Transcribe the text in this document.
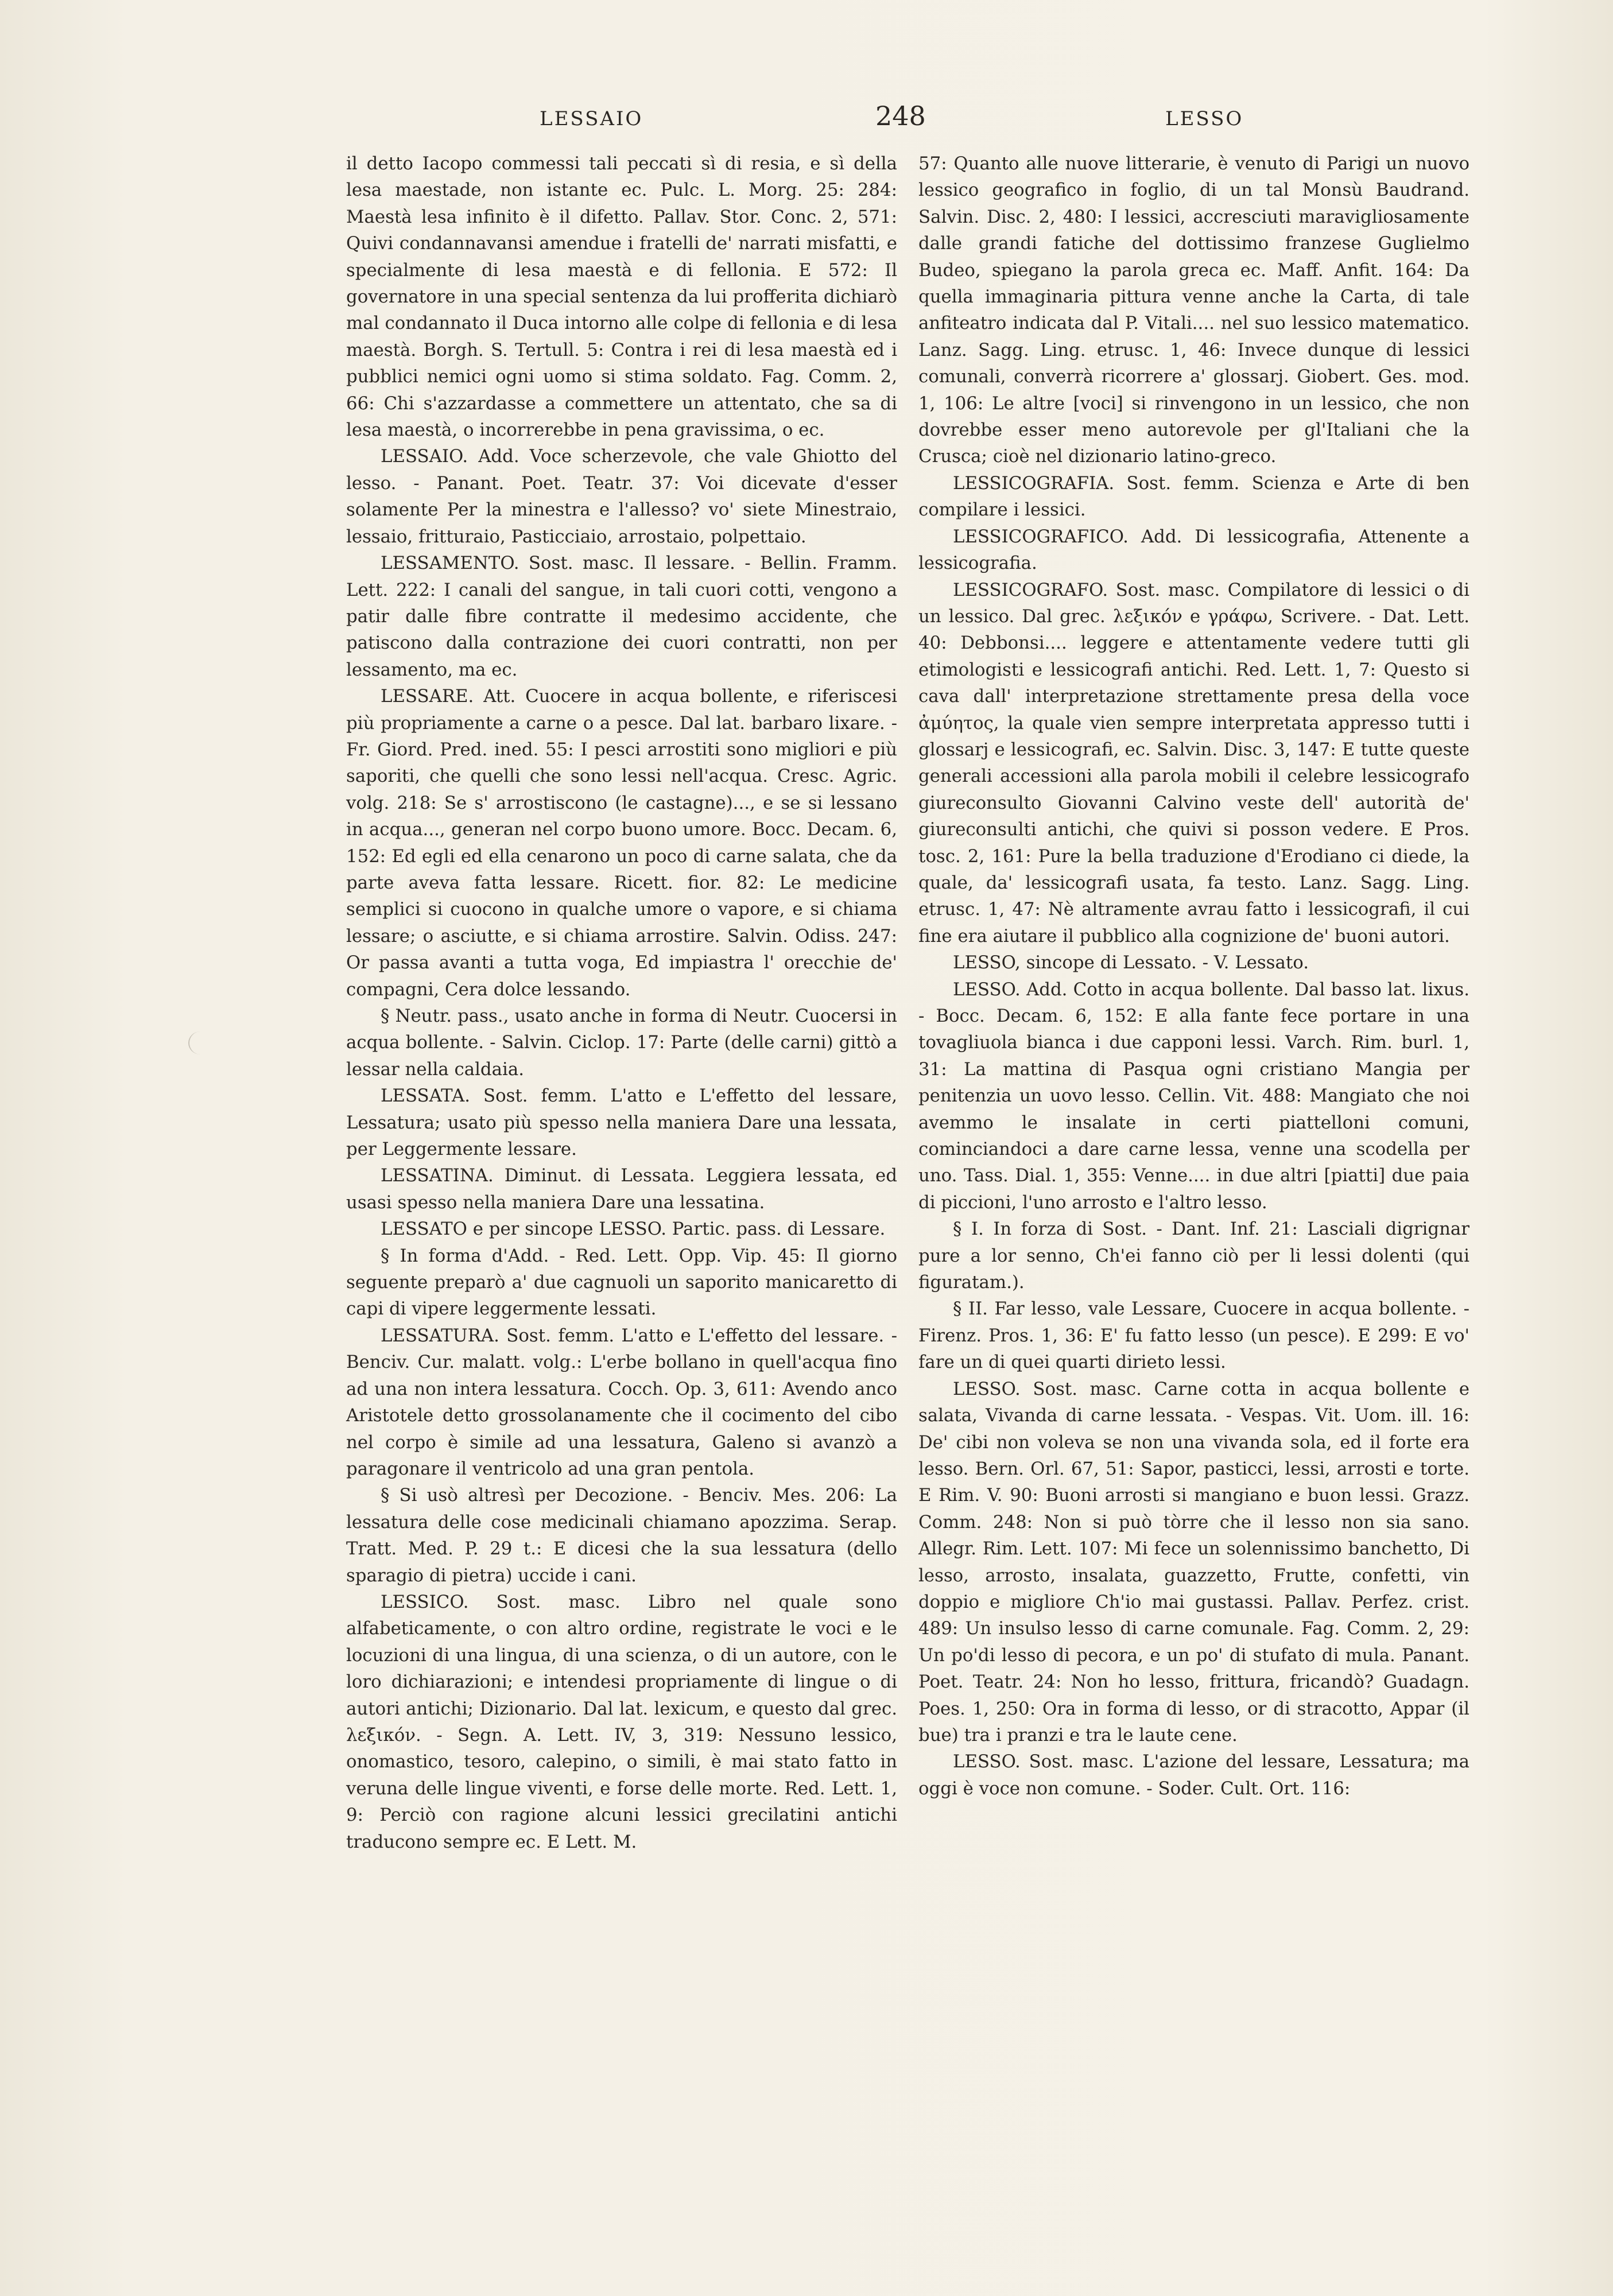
LESSAIO	248	LESSO

il detto Iacopo commessi tali peccati sì di resia, e sì della lesa maestade, non istante ec. Pulc. L. Morg. 25: 284: Maestà lesa infinito è il difetto. Pallav. Stor. Conc. 2, 571: Quivi condannavansi amendue i fratelli de' narrati misfatti, e specialmente di lesa maestà e di fellonia. E 572: Il governatore in una special sentenza da lui profferita dichiarò mal condannato il Duca intorno alle colpe di fellonia e di lesa maestà. Borgh. S. Tertull. 5: Contra i rei di lesa maestà ed i pubblici nemici ogni uomo si stima soldato. Fag. Comm. 2, 66: Chi s'azzardasse a commettere un attentato, che sa di lesa maestà, o incorrerebbe in pena gravissima, o ec.

LESSAIO. Add. Voce scherzevole, che vale Ghiotto del lesso. - Panant. Poet. Teatr. 37: Voi dicevate d'esser solamente Per la minestra e l'allesso? vo' siete Minestraio, lessaio, fritturaio, Pasticciaio, arrostaio, polpettaio.

LESSAMENTO. Sost. masc. Il lessare. - Bellin. Framm. Lett. 222: I canali del sangue, in tali cuori cotti, vengono a patir dalle fibre contratte il medesimo accidente, che patiscono dalla contrazione dei cuori contratti, non per lessamento, ma ec.

LESSARE. Att. Cuocere in acqua bollente, e riferiscesi più propriamente a carne o a pesce. Dal lat. barbaro lixare. - Fr. Giord. Pred. ined. 55: I pesci arrostiti sono migliori e più saporiti, che quelli che sono lessi nell'acqua. Cresc. Agric. volg. 218: Se s' arrostiscono (le castagne)..., e se si lessano in acqua..., generan nel corpo buono umore. Bocc. Decam. 6, 152: Ed egli ed ella cenarono un poco di carne salata, che da parte aveva fatta lessare. Ricett. fior. 82: Le medicine semplici si cuocono in qualche umore o vapore, e si chiama lessare; o asciutte, e si chiama arrostire. Salvin. Odiss. 247: Or passa avanti a tutta voga, Ed impiastra l' orecchie de' compagni, Cera dolce lessando.

§ Neutr. pass., usato anche in forma di Neutr. Cuocersi in acqua bollente. - Salvin. Ciclop. 17: Parte (delle carni) gittò a lessar nella caldaia.

LESSATA. Sost. femm. L'atto e L'effetto del lessare, Lessatura; usato più spesso nella maniera Dare una lessata, per Leggermente lessare.

LESSATINA. Diminut. di Lessata. Leggiera lessata, ed usasi spesso nella maniera Dare una lessatina.

LESSATO e per sincope LESSO. Partic. pass. di Lessare.

§ In forma d'Add. - Red. Lett. Opp. Vip. 45: Il giorno seguente preparò a' due cagnuoli un saporito manicaretto di capi di vipere leggermente lessati.

LESSATURA. Sost. femm. L'atto e L'effetto del lessare. - Benciv. Cur. malatt. volg.: L'erbe bollano in quell'acqua fino ad una non intera lessatura. Cocch. Op. 3, 611: Avendo anco Aristotele detto grossolanamente che il cocimento del cibo nel corpo è simile ad una lessatura, Galeno si avanzò a paragonare il ventricolo ad una gran pentola.

§ Si usò altresì per Decozione. - Benciv. Mes. 206: La lessatura delle cose medicinali chiamano apozzima. Serap. Tratt. Med. P. 29 t.: E dicesi che la sua lessatura (dello sparagio di pietra) uccide i cani.

LESSICO. Sost. masc. Libro nel quale sono alfabeticamente, o con altro ordine, registrate le voci e le locuzioni di una lingua, di una scienza, o di un autore, con le loro dichiarazioni; e intendesi propriamente di lingue o di autori antichi; Dizionario. Dal lat. lexicum, e questo dal grec. λεξικόν. - Segn. A. Lett. IV, 3, 319: Nessuno lessico, onomastico, tesoro, calepino, o simili, è mai stato fatto in veruna delle lingue viventi, e forse delle morte. Red. Lett. 1, 9: Perciò con ragione alcuni lessici grecilatini antichi traducono sempre ec. E Lett. M.

57: Quanto alle nuove litterarie, è venuto di Parigi un nuovo lessico geografico in foglio, di un tal Monsù Baudrand. Salvin. Disc. 2, 480: I lessici, accresciuti maravigliosamente dalle grandi fatiche del dottissimo franzese Guglielmo Budeo, spiegano la parola greca ec. Maff. Anfit. 164: Da quella immaginaria pittura venne anche la Carta, di tale anfiteatro indicata dal P. Vitali.... nel suo lessico matematico. Lanz. Sagg. Ling. etrusc. 1, 46: Invece dunque di lessici comunali, converrà ricorrere a' glossarj. Giobert. Ges. mod. 1, 106: Le altre [voci] si rinvengono in un lessico, che non dovrebbe esser meno autorevole per gl'Italiani che la Crusca; cioè nel dizionario latino-greco.

LESSICOGRAFIA. Sost. femm. Scienza e Arte di ben compilare i lessici.

LESSICOGRAFICO. Add. Di lessicografia, Attenente a lessicografia.

LESSICOGRAFO. Sost. masc. Compilatore di lessici o di un lessico. Dal grec. λεξικόν e γράφω, Scrivere. - Dat. Lett. 40: Debbonsi.... leggere e attentamente vedere tutti gli etimologisti e lessicografi antichi. Red. Lett. 1, 7: Questo si cava dall' interpretazione strettamente presa della voce ἀμύητος, la quale vien sempre interpretata appresso tutti i glossarj e lessicografi, ec. Salvin. Disc. 3, 147: E tutte queste generali accessioni alla parola mobili il celebre lessicografo giureconsulto Giovanni Calvino veste dell' autorità de' giureconsulti antichi, che quivi si posson vedere. E Pros. tosc. 2, 161: Pure la bella traduzione d'Erodiano ci diede, la quale, da' lessicografi usata, fa testo. Lanz. Sagg. Ling. etrusc. 1, 47: Nè altramente avrau fatto i lessicografi, il cui fine era aiutare il pubblico alla cognizione de' buoni autori.

LESSO, sincope di Lessato. - V. Lessato.

LESSO. Add. Cotto in acqua bollente. Dal basso lat. lixus. - Bocc. Decam. 6, 152: E alla fante fece portare in una tovagliuola bianca i due capponi lessi. Varch. Rim. burl. 1, 31: La mattina di Pasqua ogni cristiano Mangia per penitenzia un uovo lesso. Cellin. Vit. 488: Mangiato che noi avemmo le insalate in certi piattelloni comuni, cominciandoci a dare carne lessa, venne una scodella per uno. Tass. Dial. 1, 355: Venne.... in due altri [piatti] due paia di piccioni, l'uno arrosto e l'altro lesso.

§ I. In forza di Sost. - Dant. Inf. 21: Lasciali digrignar pure a lor senno, Ch'ei fanno ciò per li lessi dolenti (qui figuratam.).

§ II. Far lesso, vale Lessare, Cuocere in acqua bollente. - Firenz. Pros. 1, 36: E' fu fatto lesso (un pesce). E 299: E vo' fare un di quei quarti dirieto lessi.

LESSO. Sost. masc. Carne cotta in acqua bollente e salata, Vivanda di carne lessata. - Vespas. Vit. Uom. ill. 16: De' cibi non voleva se non una vivanda sola, ed il forte era lesso. Bern. Orl. 67, 51: Sapor, pasticci, lessi, arrosti e torte. E Rim. V. 90: Buoni arrosti si mangiano e buon lessi. Grazz. Comm. 248: Non si può tòrre che il lesso non sia sano. Allegr. Rim. Lett. 107: Mi fece un solennissimo banchetto, Di lesso, arrosto, insalata, guazzetto, Frutte, confetti, vin doppio e migliore Ch'io mai gustassi. Pallav. Perfez. crist. 489: Un insulso lesso di carne comunale. Fag. Comm. 2, 29: Un po'di lesso di pecora, e un po' di stufato di mula. Panant. Poet. Teatr. 24: Non ho lesso, frittura, fricandò? Guadagn. Poes. 1, 250: Ora in forma di lesso, or di stracotto, Appar (il bue) tra i pranzi e tra le laute cene.

LESSO. Sost. masc. L'azione del lessare, Lessatura; ma oggi è voce non comune. - Soder. Cult. Ort. 116:
